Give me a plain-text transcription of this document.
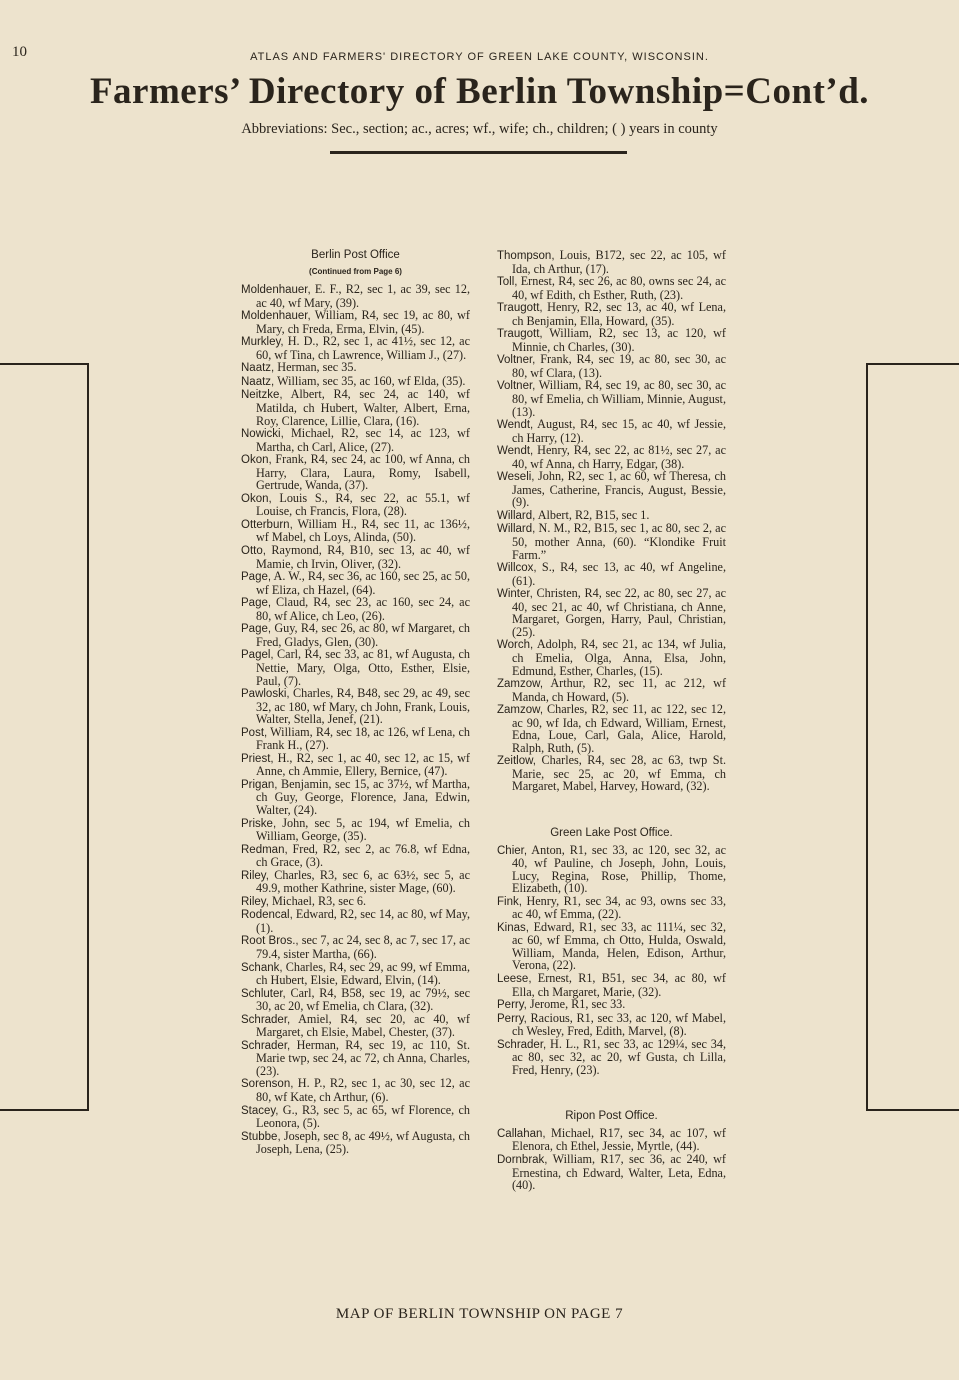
10	ATLAS AND FARMERS' DIRECTORY OF GREEN LAKE COUNTY, WISCONSIN.
Farmers’ Directory of Berlin Township=Cont’d.
Abbreviations: Sec., section; ac., acres; wf., wife; ch., children; ( ) years in county
Berlin Post Office
(Continued from Page 6)

Moldenhauer, E. F., R2, sec 1, ac 39, sec 12, ac 40, wf Mary, (39).

Moldenhauer, William, R4, sec 19, ac 80, wf Mary, ch Freda, Erma, Elvin, (45).

Murkley, H. D., R2, sec 1, ac 41½, sec 12, ac 60, wf Tina, ch Lawrence, William J., (27).

Naatz, Herman, sec 35.

Naatz, William, sec 35, ac 160, wf Elda, (35).

Neitzke, Albert, R4, sec 24, ac 140, wf Matilda, ch Hubert, Walter, Albert, Erna, Roy, Clarence, Lillie, Clara, (16).

Nowicki, Michael, R2, sec 14, ac 123, wf Martha, ch Carl, Alice, (27).

Okon, Frank, R4, sec 24, ac 100, wf Anna, ch Harry, Clara, Laura, Romy, Isabell, Gertrude, Wanda, (37).

Okon, Louis S., R4, sec 22, ac 55.1, wf Louise, ch Francis, Flora, (28).

Otterburn, William H., R4, sec 11, ac 136½, wf Mabel, ch Loys, Alinda, (50).

Otto, Raymond, R4, B10, sec 13, ac 40, wf Mamie, ch Irvin, Oliver, (32).

Page, A. W., R4, sec 36, ac 160, sec 25, ac 50, wf Eliza, ch Hazel, (64).

Page, Claud, R4, sec 23, ac 160, sec 24, ac 80, wf Alice, ch Leo, (26).

Page, Guy, R4, sec 26, ac 80, wf Margaret, ch Fred, Gladys, Glen, (30).

Pagel, Carl, R4, sec 33, ac 81, wf Augusta, ch Nettie, Mary, Olga, Otto, Esther, Elsie, Paul, (7).

Pawloski, Charles, R4, B48, sec 29, ac 49, sec 32, ac 180, wf Mary, ch John, Frank, Louis, Walter, Stella, Jenef, (21).

Post, William, R4, sec 18, ac 126, wf Lena, ch Frank H., (27).

Priest, H., R2, sec 1, ac 40, sec 12, ac 15, wf Anne, ch Ammie, Ellery, Bernice, (47).

Prigan, Benjamin, sec 15, ac 37½, wf Martha, ch Guy, George, Florence, Jana, Edwin, Walter, (24).

Priske, John, sec 5, ac 194, wf Emelia, ch William, George, (35).

Redman, Fred, R2, sec 2, ac 76.8, wf Edna, ch Grace, (3).

Riley, Charles, R3, sec 6, ac 63½, sec 5, ac 49.9, mother Kathrine, sister Mage, (60).

Riley, Michael, R3, sec 6.

Rodencal, Edward, R2, sec 14, ac 80, wf May, (1).

Root Bros., sec 7, ac 24, sec 8, ac 7, sec 17, ac 79.4, sister Martha, (66).

Schank, Charles, R4, sec 29, ac 99, wf Emma, ch Hubert, Elsie, Edward, Elvin, (14).

Schluter, Carl, R4, B58, sec 19, ac 79½, sec 30, ac 20, wf Emelia, ch Clara, (32).

Schrader, Amiel, R4, sec 20, ac 40, wf Margaret, ch Elsie, Mabel, Chester, (37).

Schrader, Herman, R4, sec 19, ac 110, St. Marie twp, sec 24, ac 72, ch Anna, Charles, (23).

Sorenson, H. P., R2, sec 1, ac 30, sec 12, ac 80, wf Kate, ch Arthur, (6).

Stacey, G., R3, sec 5, ac 65, wf Florence, ch Leonora, (5).

Stubbe, Joseph, sec 8, ac 49½, wf Augusta, ch Joseph, Lena, (25).

Thompson, Louis, B172, sec 22, ac 105, wf Ida, ch Arthur, (17).

Toll, Ernest, R4, sec 26, ac 80, owns sec 24, ac 40, wf Edith, ch Esther, Ruth, (23).

Traugott, Henry, R2, sec 13, ac 40, wf Lena, ch Benjamin, Ella, Howard, (35).

Traugott, William, R2, sec 13, ac 120, wf Minnie, ch Charles, (30).

Voltner, Frank, R4, sec 19, ac 80, sec 30, ac 80, wf Clara, (13).

Voltner, William, R4, sec 19, ac 80, sec 30, ac 80, wf Emelia, ch William, Minnie, August, (13).

Wendt, August, R4, sec 15, ac 40, wf Jessie, ch Harry, (12).

Wendt, Henry, R4, sec 22, ac 81½, sec 27, ac 40, wf Anna, ch Harry, Edgar, (38).

Weseli, John, R2, sec 1, ac 60, wf Theresa, ch James, Catherine, Francis, August, Bessie, (9).

Willard, Albert, R2, B15, sec 1.

Willard, N. M., R2, B15, sec 1, ac 80, sec 2, ac 50, mother Anna, (60). “Klondike Fruit Farm.”

Willcox, S., R4, sec 13, ac 40, wf Angeline, (61).

Winter, Christen, R4, sec 22, ac 80, sec 27, ac 40, sec 21, ac 40, wf Christiana, ch Anne, Margaret, Gorgen, Harry, Paul, Christian, (25).

Worch, Adolph, R4, sec 21, ac 134, wf Julia, ch Emelia, Olga, Anna, Elsa, John, Edmund, Esther, Charles, (15).

Zamzow, Arthur, R2, sec 11, ac 212, wf Manda, ch Howard, (5).

Zamzow, Charles, R2, sec 11, ac 122, sec 12, ac 90, wf Ida, ch Edward, William, Ernest, Edna, Loue, Carl, Gala, Alice, Harold, Ralph, Ruth, (5).

Zeitlow, Charles, R4, sec 28, ac 63, twp St. Marie, sec 25, ac 20, wf Emma, ch Margaret, Mabel, Harvey, Howard, (32).

Green Lake Post Office.

Chier, Anton, R1, sec 33, ac 120, sec 32, ac 40, wf Pauline, ch Joseph, John, Louis, Lucy, Regina, Rose, Phillip, Thome, Elizabeth, (10).

Fink, Henry, R1, sec 34, ac 93, owns sec 33, ac 40, wf Emma, (22).

Kinas, Edward, R1, sec 33, ac 111¼, sec 32, ac 60, wf Emma, ch Otto, Hulda, Oswald, William, Manda, Helen, Edison, Arthur, Verona, (22).

Leese, Ernest, R1, B51, sec 34, ac 80, wf Ella, ch Margaret, Marie, (32).

Perry, Jerome, R1, sec 33.

Perry, Racious, R1, sec 33, ac 120, wf Mabel, ch Wesley, Fred, Edith, Marvel, (8).

Schrader, H. L., R1, sec 33, ac 129¼, sec 34, ac 80, sec 32, ac 20, wf Gusta, ch Lilla, Fred, Henry, (23).

Ripon Post Office.

Callahan, Michael, R17, sec 34, ac 107, wf Elenora, ch Ethel, Jessie, Myrtle, (44).

Dornbrak, William, R17, sec 36, ac 240, wf Ernestina, ch Edward, Walter, Leta, Edna, (40).

MAP OF BERLIN TOWNSHIP ON PAGE 7
